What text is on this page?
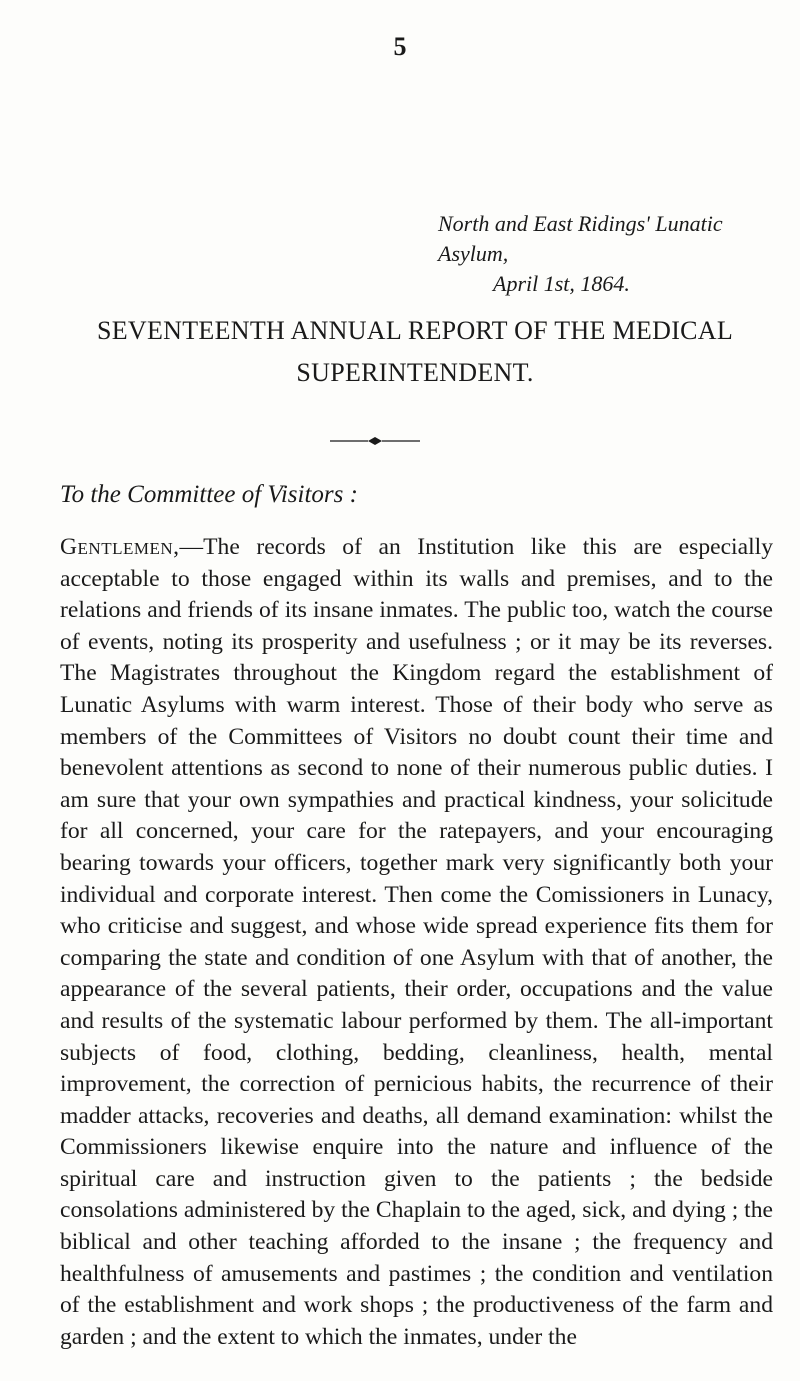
5
North and East Ridings' Lunatic Asylum,
April 1st, 1864.
SEVENTEENTH ANNUAL REPORT OF THE MEDICAL SUPERINTENDENT.
To the Committee of Visitors :

Gentlemen,—The records of an Institution like this are especially acceptable to those engaged within its walls and premises, and to the relations and friends of its insane inmates. The public too, watch the course of events, noting its prosperity and usefulness ; or it may be its reverses. The Magistrates throughout the Kingdom regard the establishment of Lunatic Asylums with warm interest. Those of their body who serve as members of the Committees of Visitors no doubt count their time and benevolent attentions as second to none of their numerous public duties. I am sure that your own sympathies and practical kindness, your solicitude for all concerned, your care for the ratepayers, and your encouraging bearing towards your officers, together mark very significantly both your individual and corporate interest. Then come the Comissioners in Lunacy, who criticise and suggest, and whose wide spread experience fits them for comparing the state and condition of one Asylum with that of another, the appearance of the several patients, their order, occupations and the value and results of the systematic labour performed by them. The all-important subjects of food, clothing, bedding, cleanliness, health, mental improvement, the correction of pernicious habits, the recurrence of their madder attacks, recoveries and deaths, all demand examination: whilst the Commissioners likewise enquire into the nature and influence of the spiritual care and instruction given to the patients ; the bedside consolations administered by the Chaplain to the aged, sick, and dying ; the biblical and other teaching afforded to the insane ; the frequency and healthfulness of amusements and pastimes ; the condition and ventilation of the establishment and work shops ; the productiveness of the farm and garden ; and the extent to which the inmates, under the
